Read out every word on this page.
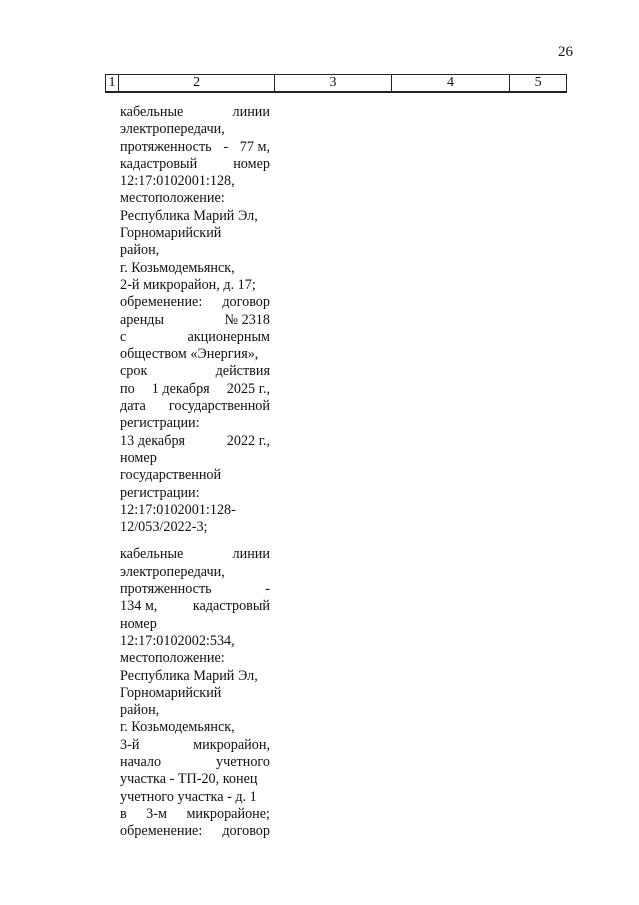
26
1	2	3	4	5
кабельные	линии
электропередачи,
протяженность - 77 м,
кадастровый	номер
12:17:0102001:128,
местоположение:
Республика Марий Эл,
Горномарийский
район,
г. Козьмодемьянск,
2-й микрорайон, д. 17;
обременение: договор
аренды	№ 2318
с	акционерным
обществом «Энергия»,
срок	действия
по 1 декабря 2025 г.,
дата государственной
регистрации:
13 декабря	2022 г.,
номер
государственной
регистрации:
12:17:0102001:128-
12/053/2022-3;
кабельные	линии
электропередачи,
протяженность	-
134 м, кадастровый
номер
12:17:0102002:534,
местоположение:
Республика Марий Эл,
Горномарийский
район,
г. Козьмодемьянск,
3-й	микрорайон,
начало	учетного
участка - ТП-20, конец
учетного участка - д. 1
в 3-м микрорайоне;
обременение: договор
